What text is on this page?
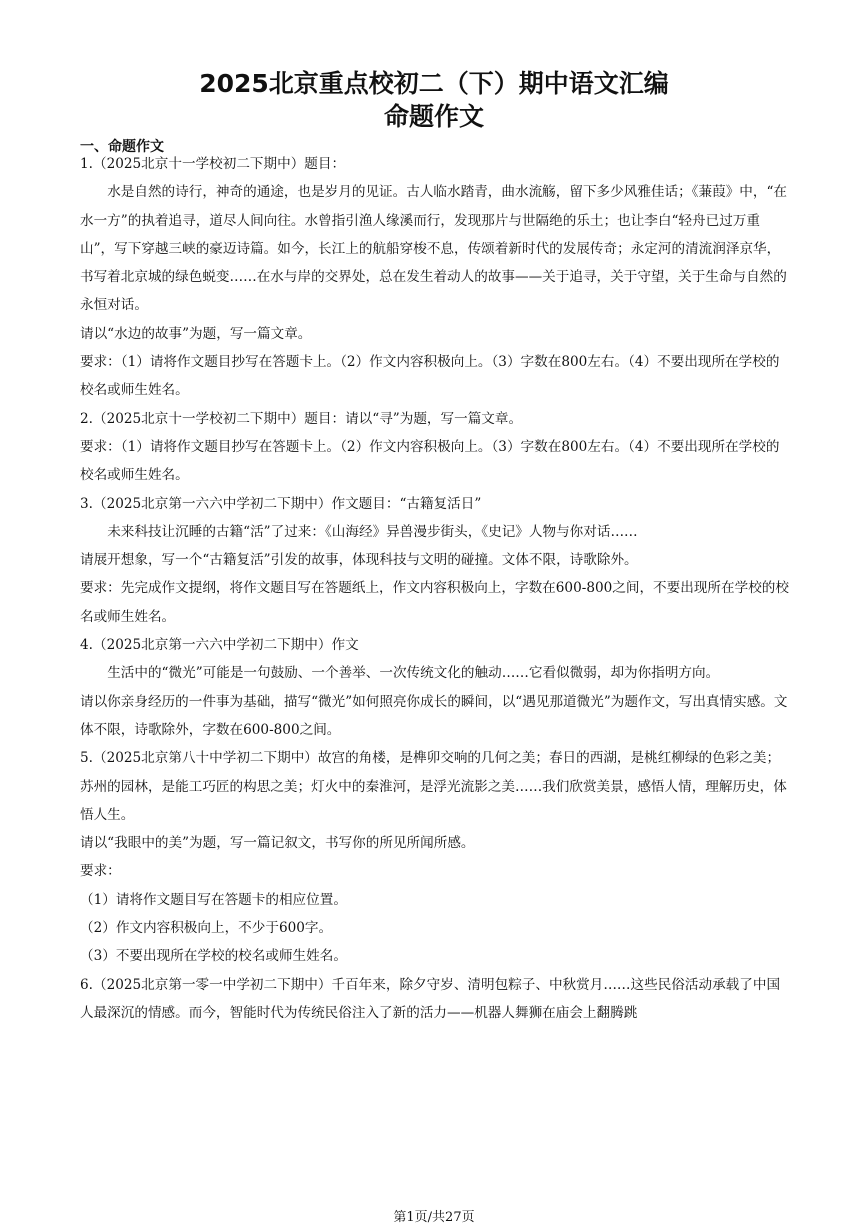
2025北京重点校初二（下）期中语文汇编
命题作文
一、命题作文

1.（2025北京十一学校初二下期中）题目：

水是自然的诗行，神奇的通途，也是岁月的见证。古人临水踏青，曲水流觞，留下多少风雅佳话；《蒹葭》中，“在水一方”的执着追寻，道尽人间向往。水曾指引渔人缘溪而行，发现那片与世隔绝的乐土；也让李白“轻舟已过万重山”，写下穿越三峡的豪迈诗篇。如今，长江上的航船穿梭不息，传颂着新时代的发展传奇；永定河的清流润泽京华，书写着北京城的绿色蜕变……在水与岸的交界处，总在发生着动人的故事——关于追寻，关于守望，关于生命与自然的永恒对话。

请以“水边的故事”为题，写一篇文章。

要求：（1）请将作文题目抄写在答题卡上。（2）作文内容积极向上。（3）字数在800左右。（4）不要出现所在学校的校名或师生姓名。

2.（2025北京十一学校初二下期中）题目：请以“寻”为题，写一篇文章。

要求：（1）请将作文题目抄写在答题卡上。（2）作文内容积极向上。（3）字数在800左右。（4）不要出现所在学校的校名或师生姓名。

3.（2025北京第一六六中学初二下期中）作文题目：“古籍复活日”

未来科技让沉睡的古籍“活”了过来：《山海经》异兽漫步街头，《史记》人物与你对话……

请展开想象，写一个“古籍复活”引发的故事，体现科技与文明的碰撞。文体不限，诗歌除外。

要求：先完成作文提纲，将作文题目写在答题纸上，作文内容积极向上，字数在600-800之间，不要出现所在学校的校名或师生姓名。

4.（2025北京第一六六中学初二下期中）作文

生活中的“微光”可能是一句鼓励、一个善举、一次传统文化的触动……它看似微弱，却为你指明方向。

请以你亲身经历的一件事为基础，描写“微光”如何照亮你成长的瞬间，以“遇见那道微光”为题作文，写出真情实感。文体不限，诗歌除外，字数在600-800之间。

5.（2025北京第八十中学初二下期中）故宫的角楼，是榫卯交响的几何之美；春日的西湖，是桃红柳绿的色彩之美；苏州的园林，是能工巧匠的构思之美；灯火中的秦淮河，是浮光流影之美……我们欣赏美景，感悟人情，理解历史，体悟人生。

请以“我眼中的美”为题，写一篇记叙文，书写你的所见所闻所感。

要求：

（1）请将作文题目写在答题卡的相应位置。

（2）作文内容积极向上，不少于600字。

（3）不要出现所在学校的校名或师生姓名。

6.（2025北京第一零一中学初二下期中）千百年来，除夕守岁、清明包粽子、中秋赏月……这些民俗活动承载了中国人最深沉的情感。而今，智能时代为传统民俗注入了新的活力——机器人舞狮在庙会上翻腾跳

第1页/共27页
